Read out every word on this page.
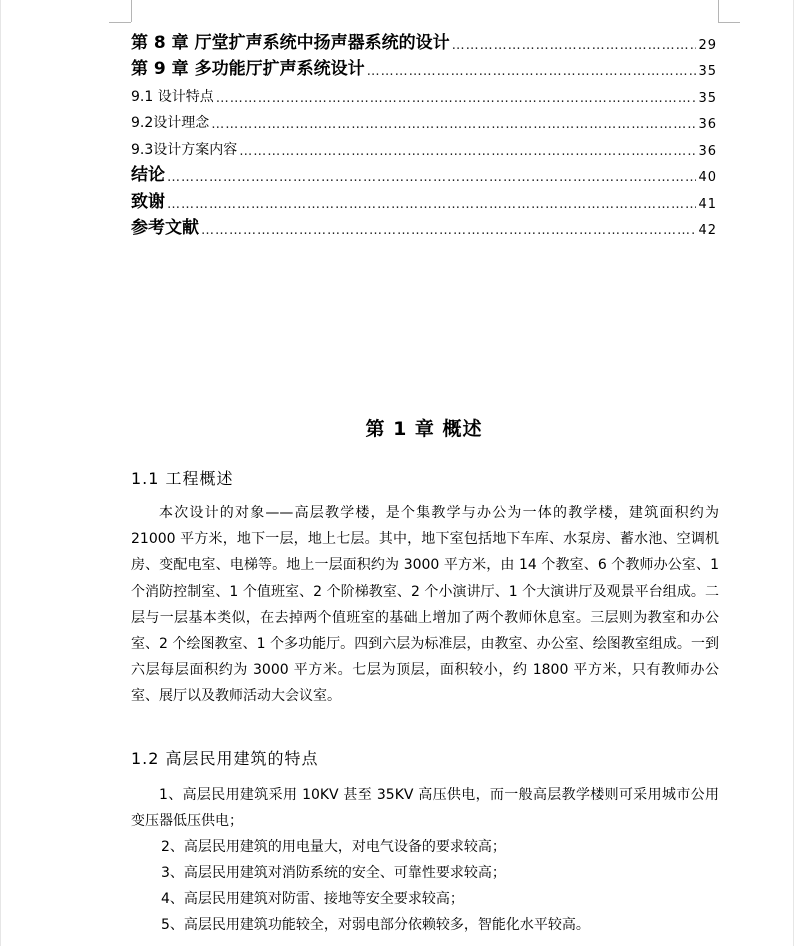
第 8 章 厅堂扩声系统中扬声器系统的设计 …………………………………………………………………………………………………………………………………………………………………………………	29
第 9 章 多功能厅扩声系统设计 …………………………………………………………………………………………………………………………………………………………………………………	35
9.1 设计特点 …………………………………………………………………………………………………………………………………………………………………………………	35
9.2设计理念 …………………………………………………………………………………………………………………………………………………………………………………	36
9.3设计方案内容 …………………………………………………………………………………………………………………………………………………………………………………	36
结论 …………………………………………………………………………………………………………………………………………………………………………………	40
致谢 …………………………………………………………………………………………………………………………………………………………………………………	41
参考文献 …………………………………………………………………………………………………………………………………………………………………………………	42
第 1 章 概述
1.1 工程概述
本次设计的对象——高层教学楼，是个集教学与办公为一体的教学楼，建筑面积约为 21000 平方米，地下一层，地上七层。其中，地下室包括地下车库、水泵房、蓄水池、空调机房、变配电室、电梯等。地上一层面积约为 3000 平方米，由 14 个教室、6 个教师办公室、1 个消防控制室、1 个值班室、2 个阶梯教室、2 个小演讲厅、1 个大演讲厅及观景平台组成。二层与一层基本类似，在去掉两个值班室的基础上增加了两个教师休息室。三层则为教室和办公室、2 个绘图教室、1 个多功能厅。四到六层为标准层，由教室、办公室、绘图教室组成。一到六层每层面积约为 3000 平方米。七层为顶层，面积较小，约 1800 平方米，只有教师办公室、展厅以及教师活动大会议室。
1.2 高层民用建筑的特点
1、高层民用建筑采用 10KV 甚至 35KV 高压供电，而一般高层教学楼则可采用城市公用变压器低压供电；
2、高层民用建筑的用电量大，对电气设备的要求较高；
3、高层民用建筑对消防系统的安全、可靠性要求较高；
4、高层民用建筑对防雷、接地等安全要求较高；
5、高层民用建筑功能较全，对弱电部分依赖较多，智能化水平较高。
